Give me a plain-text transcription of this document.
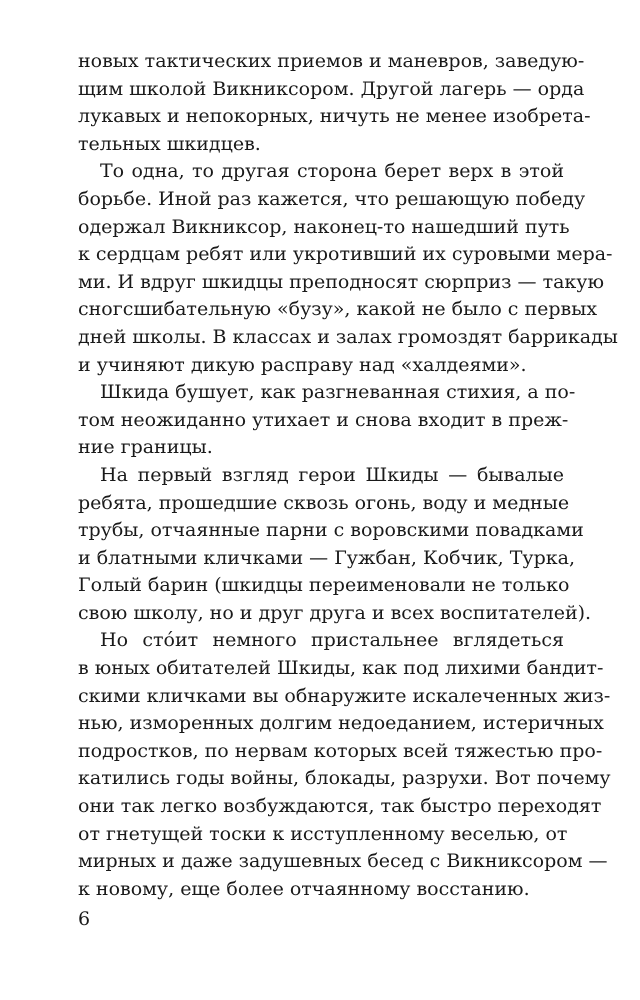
новых тактических приемов и маневров, заведую-
щим школой Викниксором. Другой лагерь — орда
лукавых и непокорных, ничуть не менее изобрета-
тельных шкидцев.
То одна, то другая сторона берет верх в этой
борьбе. Иной раз кажется, что решающую победу
одержал Викниксор, наконец-то нашедший путь
к сердцам ребят или укротивший их суровыми мера-
ми. И вдруг шкидцы преподносят сюрприз — такую
сногсшибательную «бузу», какой не было с первых
дней школы. В классах и залах громоздят баррикады
и учиняют дикую расправу над «халдеями».
Шкида бушует, как разгневанная стихия, а по-
том неожиданно утихает и снова входит в преж-
ние границы.
На первый взгляд герои Шкиды — бывалые
ребята, прошедшие сквозь огонь, воду и медные
трубы, отчаянные парни с воровскими повадками
и блатными кличками — Гужбан, Кобчик, Турка,
Голый барин (шкидцы переименовали не только
свою школу, но и друг друга и всех воспитателей).
Но сто́ит немного пристальнее вглядеться
в юных обитателей Шкиды, как под лихими бандит-
скими кличками вы обнаружите искалеченных жиз-
нью, изморенных долгим недоеданием, истеричных
подростков, по нервам которых всей тяжестью про-
катились годы войны, блокады, разрухи. Вот почему
они так легко возбуждаются, так быстро переходят
от гнетущей тоски к исступленному веселью, от
мирных и даже задушевных бесед с Викниксором —
к новому, еще более отчаянному восстанию.
6
